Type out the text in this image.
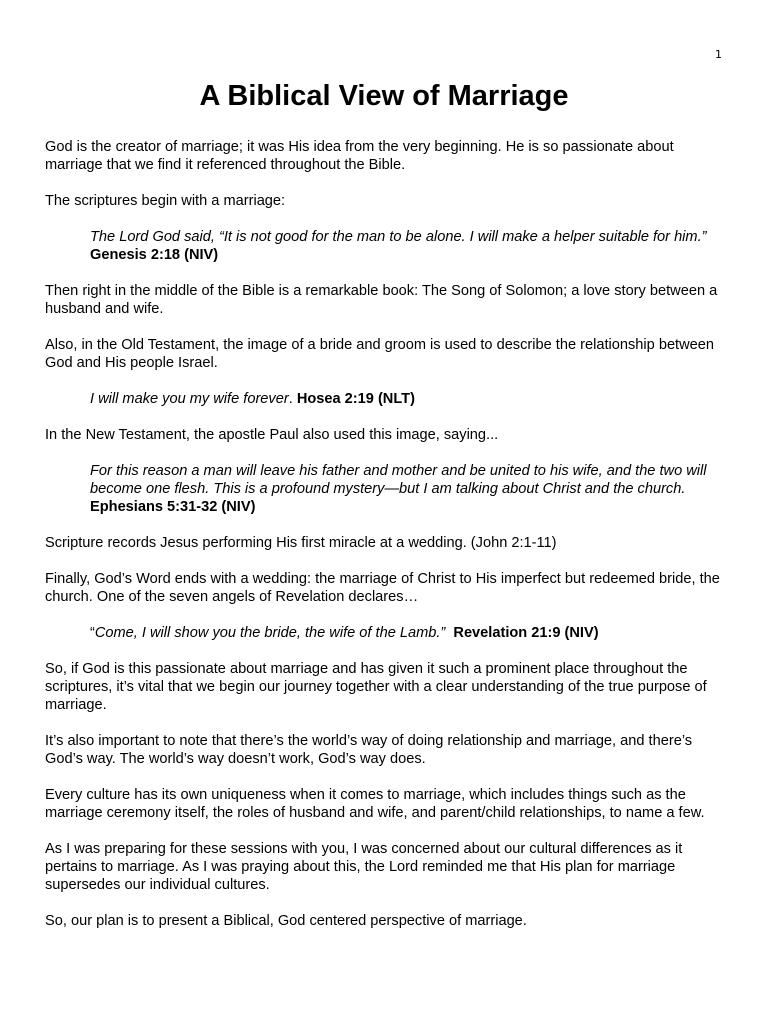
1
A Biblical View of Marriage

God is the creator of marriage; it was His idea from the very beginning. He is so passionate about marriage that we find it referenced throughout the Bible.

The scriptures begin with a marriage:

The Lord God said, “It is not good for the man to be alone. I will make a helper suitable for him.”  Genesis 2:18 (NIV)

Then right in the middle of the Bible is a remarkable book: The Song of Solomon; a love story between a husband and wife.

Also, in the Old Testament, the image of a bride and groom is used to describe the relationship between God and His people Israel.

I will make you my wife forever. Hosea 2:19 (NLT)

In the New Testament, the apostle Paul also used this image, saying...

For this reason a man will leave his father and mother and be united to his wife, and the two will become one flesh. This is a profound mystery—but I am talking about Christ and the church.  Ephesians 5:31-32 (NIV)

Scripture records Jesus performing His first miracle at a wedding. (John 2:1-11)

Finally, God’s Word ends with a wedding: the marriage of Christ to His imperfect but redeemed bride, the church. One of the seven angels of Revelation declares…

“Come, I will show you the bride, the wife of the Lamb.” Revelation 21:9 (NIV)

So, if God is this passionate about marriage and has given it such a prominent place throughout the scriptures, it’s vital that we begin our journey together with a clear understanding of the true purpose of marriage.

It’s also important to note that there’s the world’s way of doing relationship and marriage, and there’s God’s way. The world’s way doesn’t work, God’s way does.

Every culture has its own uniqueness when it comes to marriage, which includes things such as the marriage ceremony itself, the roles of husband and wife, and parent/child relationships, to name a few.

As I was preparing for these sessions with you, I was concerned about our cultural differences as it pertains to marriage. As I was praying about this, the Lord reminded me that His plan for marriage supersedes our individual cultures.

So, our plan is to present a Biblical, God centered perspective of marriage.
